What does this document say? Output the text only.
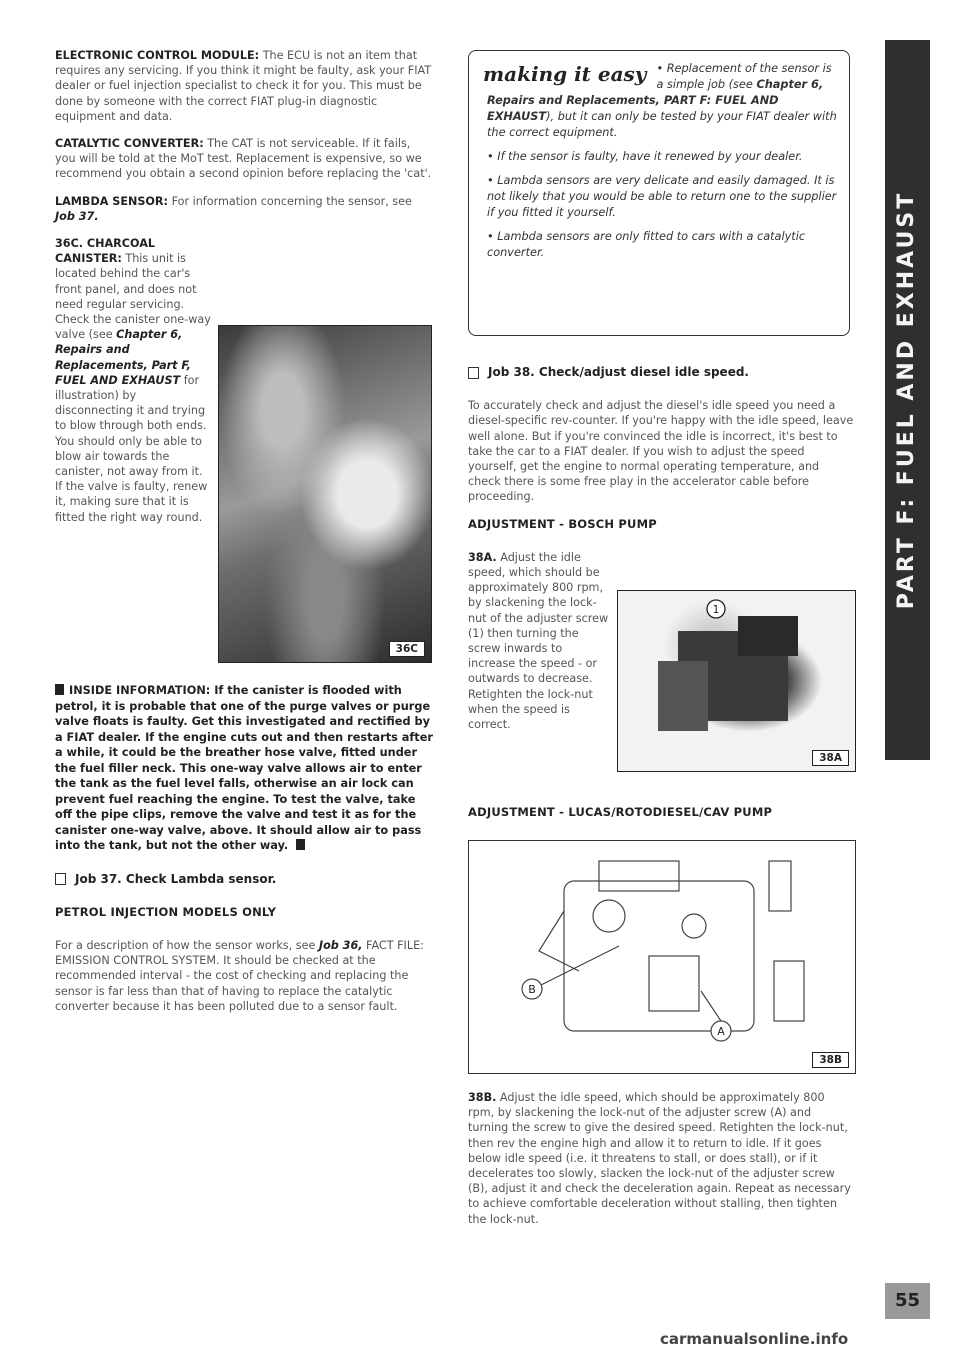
PART F: FUEL AND EXHAUST

ELECTRONIC CONTROL MODULE: The ECU is not an item that requires any servicing. If you think it might be faulty, ask your FIAT dealer or fuel injection specialist to check it for you. This must be done by someone with the correct FIAT plug-in diagnostic equipment and data.

CATALYTIC CONVERTER: The CAT is not serviceable. If it fails, you will be told at the MoT test. Replacement is expensive, so we recommend you obtain a second opinion before replacing the 'cat'.

LAMBDA SENSOR: For information concerning the sensor, see Job 37.

36C. CHARCOAL CANISTER: This unit is located behind the car's front panel, and does not need regular servicing. Check the canister one-way valve (see Chapter 6, Repairs and Replacements, Part F, FUEL AND EXHAUST for illustration) by disconnecting it and trying to blow through both ends. You should only be able to blow air towards the canister, not away from it. If the valve is faulty, renew it, making sure that it is fitted the right way round.

36C

INSIDE INFORMATION: If the canister is flooded with petrol, it is probable that one of the purge valves or purge valve floats is faulty. Get this investigated and rectified by a FIAT dealer. If the engine cuts out and then restarts after a while, it could be the breather hose valve, fitted under the fuel filler neck. This one-way valve allows air to enter the tank as the fuel level falls, otherwise an air lock can prevent fuel reaching the engine. To test the valve, take off the pipe clips, remove the valve and test it as for the canister one-way valve, above. It should allow air to pass into the tank, but not the other way.

Job 37. Check Lambda sensor.
PETROL INJECTION MODELS ONLY

For a description of how the sensor works, see Job 36, FACT FILE: EMISSION CONTROL SYSTEM. It should be checked at the recommended interval - the cost of checking and replacing the sensor is far less than that of having to replace the catalytic converter because it has been polluted due to a sensor fault.

making it easy • Replacement of the sensor is a simple job (see Chapter 6, Repairs and Replacements, PART F: FUEL AND EXHAUST), but it can only be tested by your FIAT dealer with the correct equipment.
• If the sensor is faulty, have it renewed by your dealer.
• Lambda sensors are very delicate and easily damaged. It is not likely that you would be able to return one to the supplier if you fitted it yourself.
• Lambda sensors are only fitted to cars with a catalytic converter.
Job 38. Check/adjust diesel idle speed.

To accurately check and adjust the diesel's idle speed you need a diesel-specific rev-counter. If you're happy with the idle speed, leave well alone. But if you're convinced the idle is incorrect, it's best to take the car to a FIAT dealer. If you wish to adjust the speed yourself, get the engine to normal operating temperature, and check there is some free play in the accelerator cable before proceeding.

ADJUSTMENT - BOSCH PUMP

38A. Adjust the idle speed, which should be approximately 800 rpm, by slackening the lock-nut of the adjuster screw (1) then turning the screw inwards to increase the speed - or outwards to decrease. Retighten the lock-nut when the speed is correct.

1
38A
ADJUSTMENT - LUCAS/ROTODIESEL/CAV PUMP
B
A
38B

38B. Adjust the idle speed, which should be approximately 800 rpm, by slackening the lock-nut of the adjuster screw (A) and turning the screw to give the desired speed. Retighten the lock-nut, then rev the engine high and allow it to return to idle. If it goes below idle speed (i.e. it threatens to stall, or does stall), or if it decelerates too slowly, slacken the lock-nut of the adjuster screw (B), adjust it and check the deceleration again. Repeat as necessary to achieve comfortable deceleration without stalling, then tighten the lock-nut.

55
carmanualsonline.info
